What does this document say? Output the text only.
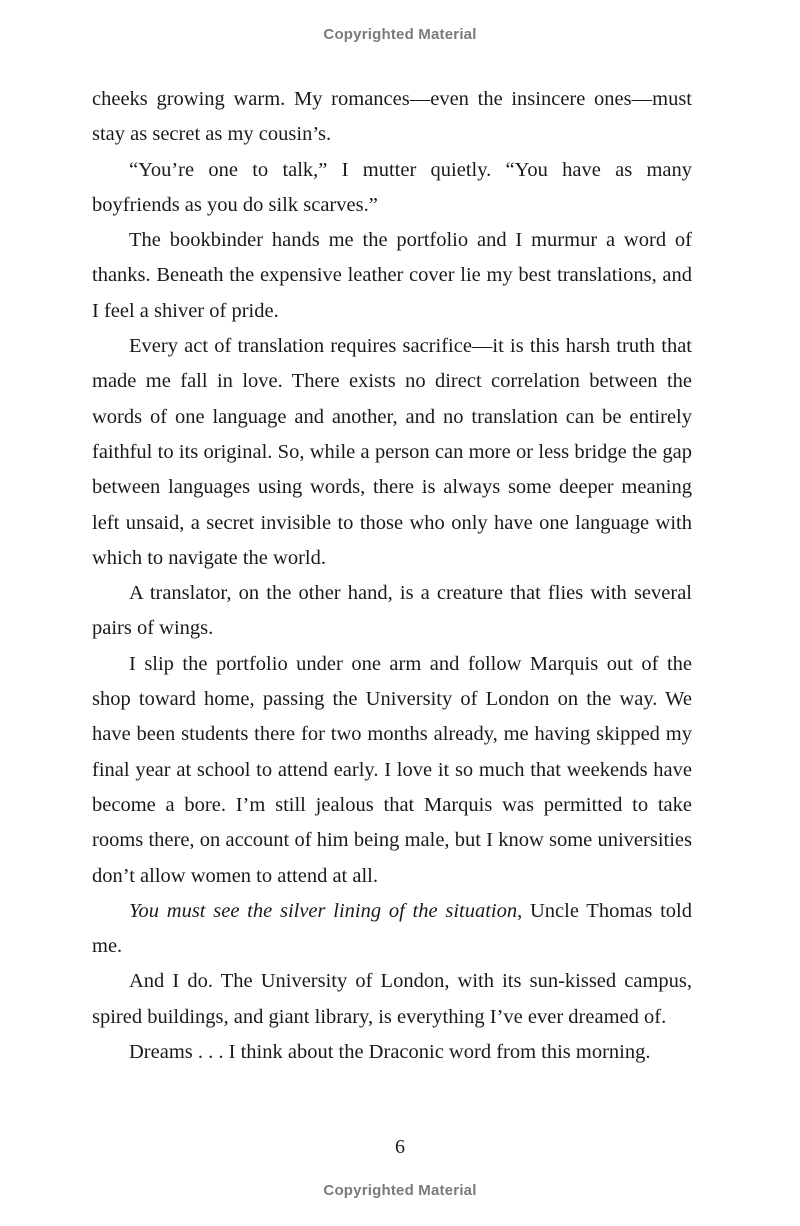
Copyrighted Material

cheeks growing warm. My romances—even the insincere ones—must stay as secret as my cousin’s.

“You’re one to talk,” I mutter quietly. “You have as many boyfriends as you do silk scarves.”

The bookbinder hands me the portfolio and I murmur a word of thanks. Beneath the expensive leather cover lie my best translations, and I feel a shiver of pride.

Every act of translation requires sacrifice—it is this harsh truth that made me fall in love. There exists no direct correlation between the words of one language and another, and no translation can be entirely faithful to its original. So, while a person can more or less bridge the gap between languages using words, there is always some deeper meaning left unsaid, a secret invisible to those who only have one language with which to navigate the world.

A translator, on the other hand, is a creature that flies with several pairs of wings.

I slip the portfolio under one arm and follow Marquis out of the shop toward home, passing the University of London on the way. We have been students there for two months already, me having skipped my final year at school to attend early. I love it so much that weekends have become a bore. I’m still jealous that Marquis was permitted to take rooms there, on account of him being male, but I know some universities don’t allow women to attend at all.

You must see the silver lining of the situation, Uncle Thomas told me.

And I do. The University of London, with its sun-kissed campus, spired buildings, and giant library, is everything I’ve ever dreamed of.

Dreams . . . I think about the Draconic word from this morning.

6
Copyrighted Material
